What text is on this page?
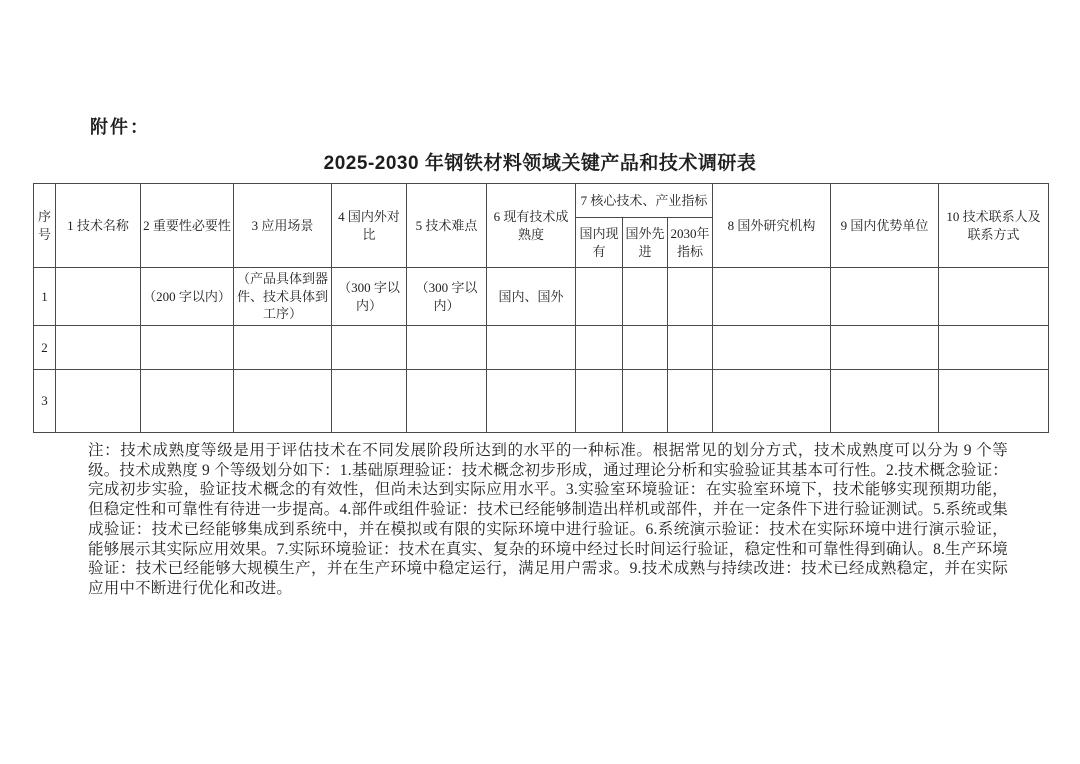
附件：
2025-2030 年钢铁材料领域关键产品和技术调研表
序号	1 技术名称	2 重要性必要性	3 应用场景	4 国内外对比	5 技术难点	6 现有技术成熟度	7 核心技术、产业指标			8 国外研究机构	9 国内优势单位	10 技术联系人及联系方式
							国内现有	国外先进	2030年指标			
1		（200 字以内）	（产品具体到器件、技术具体到工序）	（300 字以内）	（300 字以内）	国内、国外						
2												
3												
注：技术成熟度等级是用于评估技术在不同发展阶段所达到的水平的一种标准。根据常见的划分方式，技术成熟度可以分为 9 个等级。技术成熟度 9 个等级划分如下：1.基础原理验证：技术概念初步形成，通过理论分析和实验验证其基本可行性。2.技术概念验证：完成初步实验，验证技术概念的有效性，但尚未达到实际应用水平。3.实验室环境验证：在实验室环境下，技术能够实现预期功能，但稳定性和可靠性有待进一步提高。4.部件或组件验证：技术已经能够制造出样机或部件，并在一定条件下进行验证测试。5.系统或集成验证：技术已经能够集成到系统中，并在模拟或有限的实际环境中进行验证。6.系统演示验证：技术在实际环境中进行演示验证，能够展示其实际应用效果。7.实际环境验证：技术在真实、复杂的环境中经过长时间运行验证，稳定性和可靠性得到确认。8.生产环境验证：技术已经能够大规模生产，并在生产环境中稳定运行，满足用户需求。9.技术成熟与持续改进：技术已经成熟稳定，并在实际应用中不断进行优化和改进。
